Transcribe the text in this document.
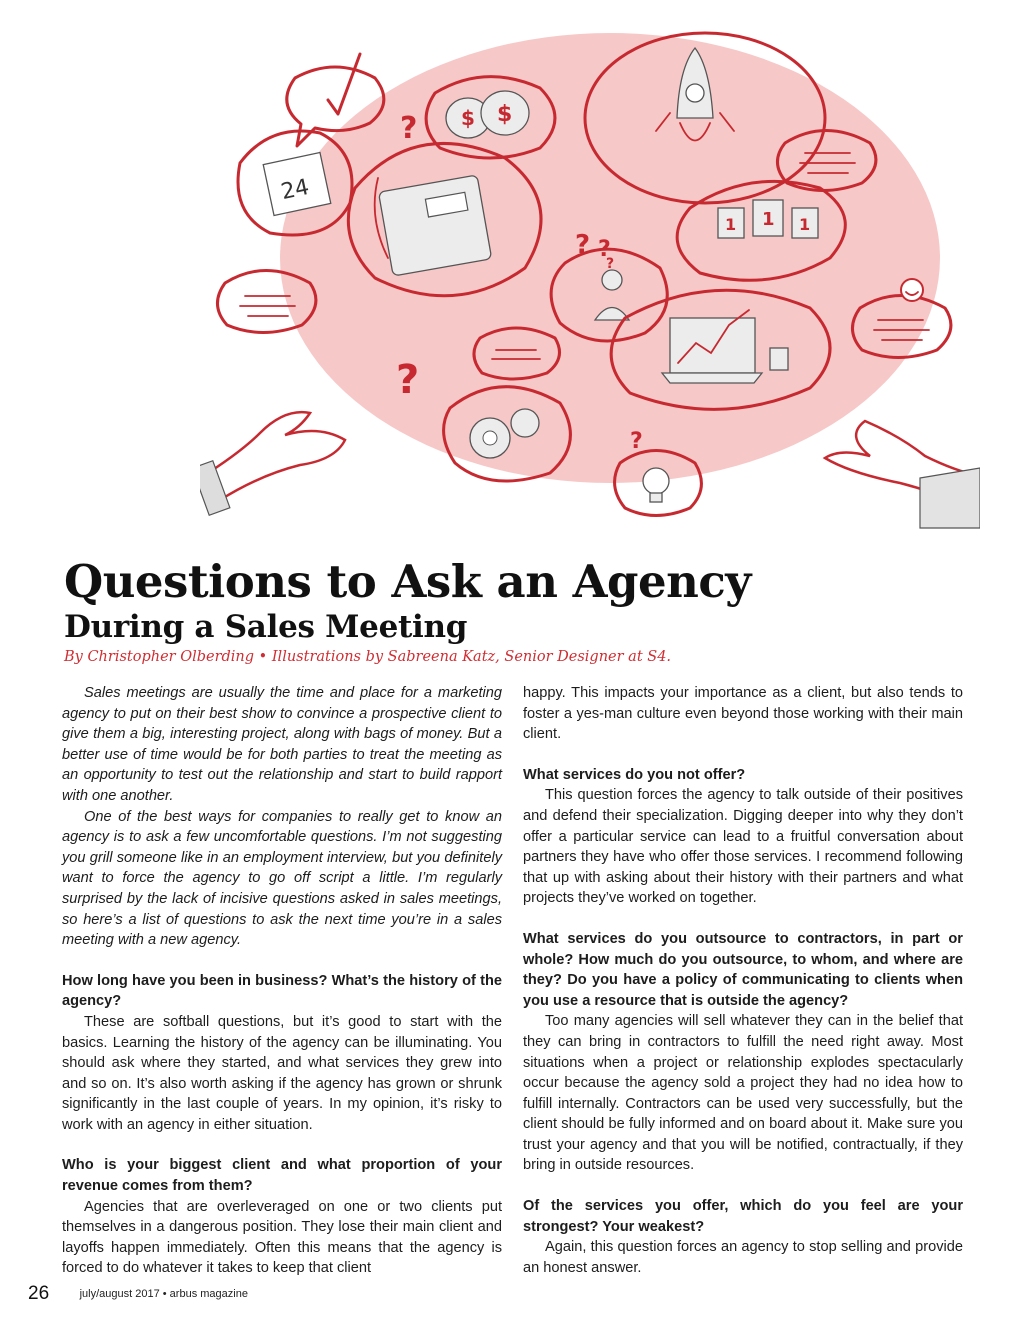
$ $
24
1 1 1
?
?
? ?
?
?
Questions to Ask an Agency
During a Sales Meeting
By Christopher Olberding • Illustrations by Sabreena Katz, Senior Designer at S4.

Sales meetings are usually the time and place for a marketing agency to put on their best show to convince a prospective client to give them a big, interesting project, along with bags of money. But a better use of time would be for both parties to treat the meeting as an opportunity to test out the relationship and start to build rapport with one another.

One of the best ways for companies to really get to know an agency is to ask a few uncomfortable questions. I’m not suggesting you grill someone like in an employment interview, but you definitely want to force the agency to go off script a little. I’m regularly surprised by the lack of incisive questions asked in sales meetings, so here’s a list of questions to ask the next time you’re in a sales meeting with a new agency.

How long have you been in business? What’s the history of the agency?

These are softball questions, but it’s good to start with the basics. Learning the history of the agency can be illuminating. You should ask where they started, and what services they grew into and so on. It’s also worth asking if the agency has grown or shrunk significantly in the last couple of years. In my opinion, it’s risky to work with an agency in either situation.

Who is your biggest client and what proportion of your revenue comes from them?

Agencies that are overleveraged on one or two clients put themselves in a dangerous position. They lose their main client and layoffs happen immediately. Often this means that the agency is forced to do whatever it takes to keep that client

happy. This impacts your importance as a client, but also tends to foster a yes-man culture even beyond those working with their main client.

What services do you not offer?

This question forces the agency to talk outside of their positives and defend their specialization. Digging deeper into why they don’t offer a particular service can lead to a fruitful conversation about partners they have who offer those services. I recommend following that up with asking about their history with their partners and what projects they’ve worked on together.

What services do you outsource to contractors, in part or whole? How much do you outsource, to whom, and where are they? Do you have a policy of communicating to clients when you use a resource that is outside the agency?

Too many agencies will sell whatever they can in the belief that they can bring in contractors to fulfill the need right away. Most situations when a project or relationship explodes spectacularly occur because the agency sold a project they had no idea how to fulfill internally. Contractors can be used very successfully, but the client should be fully informed and on board about it. Make sure you trust your agency and that you will be notified, contractually, if they bring in outside resources.

Of the services you offer, which do you feel are your strongest? Your weakest?

Again, this question forces an agency to stop selling and provide an honest answer.

26	july/august 2017 • arbus magazine
